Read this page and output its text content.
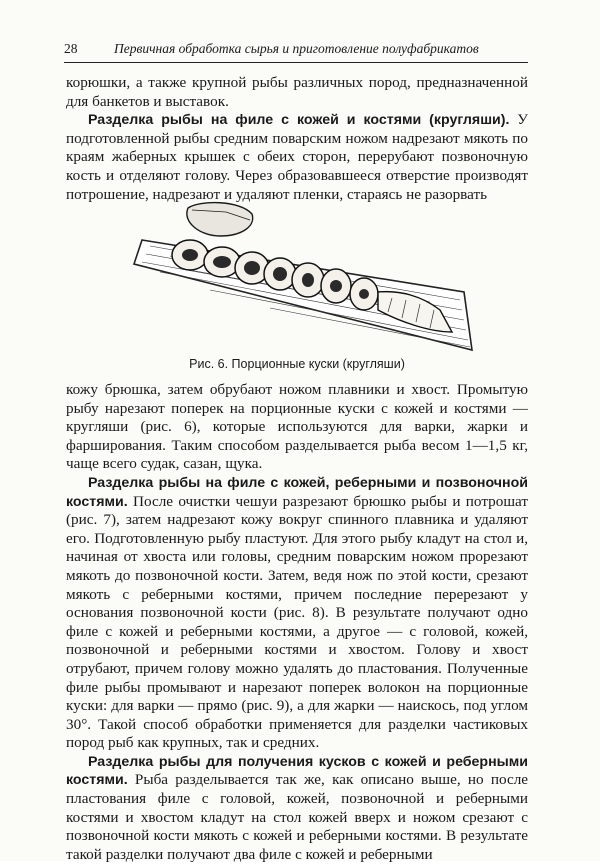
28	Первичная обработка сырья и приготовление полуфабрикатов

корюшки, а также крупной рыбы различных пород, предназначенной для банкетов и выставок.

Разделка рыбы на филе с кожей и костями (кругляши). У подготовленной рыбы средним поварским ножом надрезают мякоть по краям жаберных крышек с обеих сторон, перерубают позвоночную кость и отделяют голову. Через образовавшееся отверстие производят потрошение, надрезают и удаляют пленки, стараясь не разорвать

Рис. 6. Порционные куски (кругляши)

кожу брюшка, затем обрубают ножом плавники и хвост. Промытую рыбу нарезают поперек на порционные куски с кожей и костями — кругляши (рис. 6), которые используются для варки, жарки и фарширования. Таким способом разделывается рыба весом 1—1,5 кг, чаще всего судак, сазан, щука.

Разделка рыбы на филе с кожей, реберными и позвоночной костями. После очистки чешуи разрезают брюшко рыбы и потрошат (рис. 7), затем надрезают кожу вокруг спинного плавника и удаляют его. Подготовленную рыбу пластуют. Для этого рыбу кладут на стол и, начиная от хвоста или головы, средним поварским ножом прорезают мякоть до позвоночной кости. Затем, ведя нож по этой кости, срезают мякоть с реберными костями, причем последние перерезают у основания позвоночной кости (рис. 8). В результате получают одно филе с кожей и реберными костями, а другое — с головой, кожей, позвоночной и реберными костями и хвостом. Голову и хвост отрубают, причем голову можно удалять до пластования. Полученные филе рыбы промывают и нарезают поперек волокон на порционные куски: для варки — прямо (рис. 9), а для жарки — наискось, под углом 30°. Такой способ обработки применяется для разделки частиковых пород рыб как крупных, так и средних.

Разделка рыбы для получения кусков с кожей и реберными костями. Рыба разделывается так же, как описано выше, но после пластования филе с головой, кожей, позвоночной и реберными костями и хвостом кладут на стол кожей вверх и ножом срезают с позвоночной кости мякоть с кожей и реберными костями. В результате такой разделки получают два филе с кожей и реберными
